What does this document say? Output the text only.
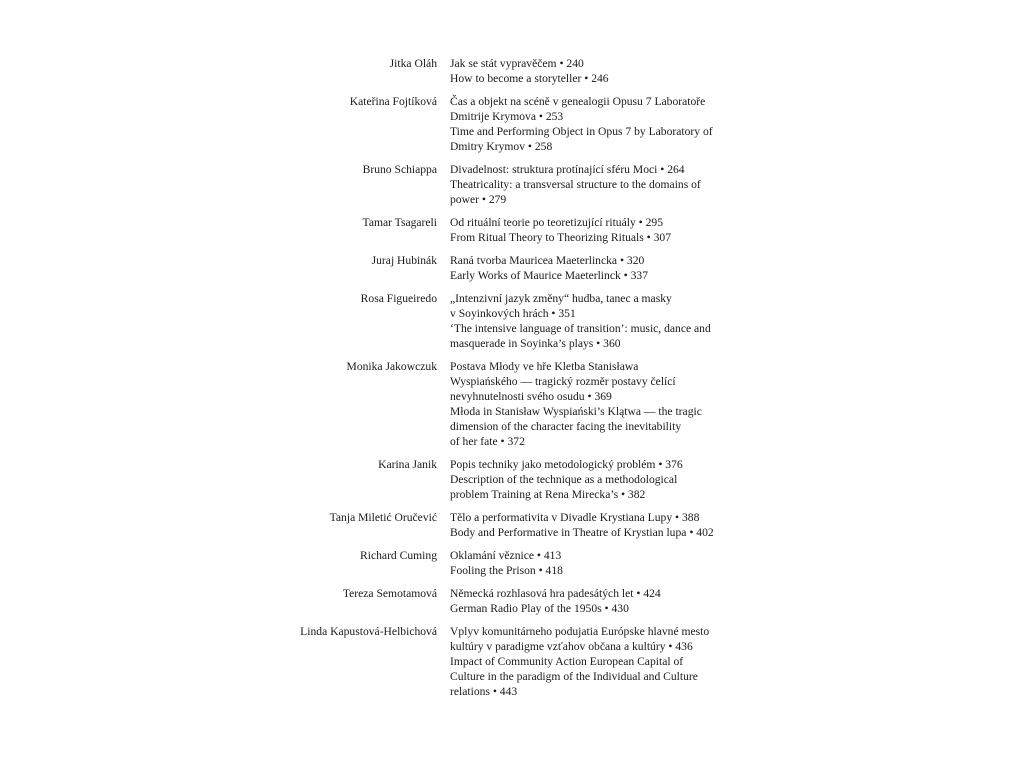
Jitka Oláh Jak se stát vypravěčem • 240
How to become a storyteller • 246
Kateřina Fojtíková Čas a objekt na scéně v genealogii Opusu 7 Laboratoře
Dmitrije Krymova • 253
Time and Performing Object in Opus 7 by Laboratory of
Dmitry Krymov • 258
Bruno Schiappa Divadelnost: struktura protínající sféru Moci • 264
Theatricality: a transversal structure to the domains of
power • 279
Tamar Tsagareli Od rituální teorie po teoretizující rituály • 295
From Ritual Theory to Theorizing Rituals • 307
Juraj Hubinák Raná tvorba Mauricea Maeterlincka • 320
Early Works of Maurice Maeterlinck • 337
Rosa Figueiredo „Intenzivní jazyk změny“ hudba, tanec a masky
v Soyinkových hrách • 351
‘The intensive language of transition’: music, dance and
masquerade in Soyinka’s plays • 360
Monika Jakowczuk Postava Młody ve hře Kletba Stanisława
Wyspiańského — tragický rozměr postavy čelící
nevyhnutelnosti svého osudu • 369
Młoda in Stanisław Wyspiański’s Klątwa — the tragic
dimension of the character facing the inevitability
of her fate • 372
Karina Janik Popis techniky jako metodologický problém • 376
Description of the technique as a methodological
problem Training at Rena Mirecka’s • 382
Tanja Miletić Oručević Tělo a performativita v Divadle Krystiana Lupy • 388
Body and Performative in Theatre of Krystian lupa • 402
Richard Cuming Oklamání věznice • 413
Fooling the Prison • 418
Tereza Semotamová Německá rozhlasová hra padesátých let • 424
German Radio Play of the 1950s • 430
Linda Kapustová-Helbichová Vplyv komunitárneho podujatia Európske hlavné mesto
kultúry v paradigme vzťahov občana a kultúry • 436
Impact of Community Action European Capital of
Culture in the paradigm of the Individual and Culture
relations • 443
